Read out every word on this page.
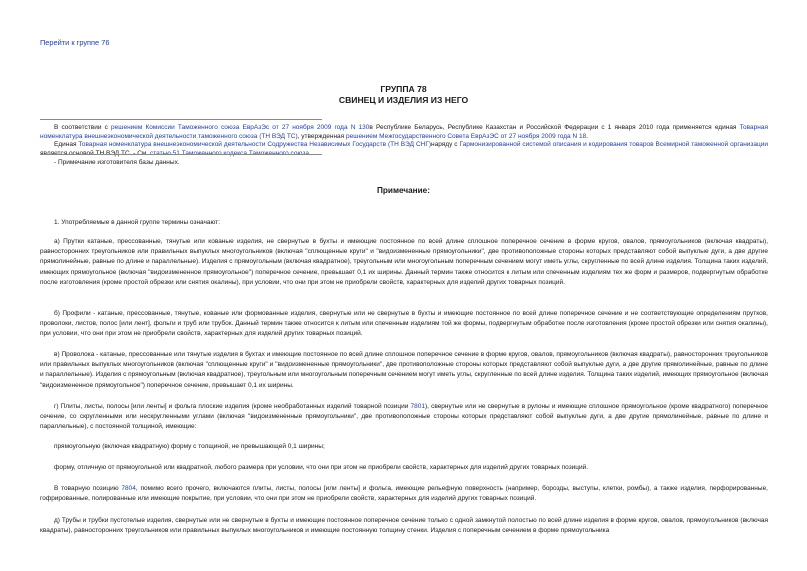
Перейти к группе 76
ГРУППА 78
СВИНЕЦ И ИЗДЕЛИЯ ИЗ НЕГО
В соответствии с решением Комиссии Таможенного союза ЕврАзЭс от 27 ноября 2009 года N 130в Республике Беларусь, Республике Казахстан и Российской Федерации с 1 января 2010 года применяется единая Товарная номенклатура внешнеэкономической деятельности таможенного союза (ТН ВЭД ТС), утвержденная решением Межгосударственного Совета ЕврАзЭС от 27 ноября 2009 года N 18.
Единая Товарная номенклатура внешнеэкономической деятельности Содружества Независимых Государств (ТН ВЭД СНГ)наряду с Гармонизированной системой описания и кодирования товаров Всемирной таможенной организации является основой ТН ВЭД ТС. - См. статью 51 Таможенного кодекса Таможенного союза.
- Примечание изготовителя базы данных.
Примечание:
1. Употребляемые в данной группе термины означают:
а) Прутки катаные, прессованные, тянутые или кованые изделия, не свернутые в бухты и имеющие постоянное по всей длине сплошное поперечное сечение в форме кругов, овалов, прямоугольников (включая квадраты), равносторонних треугольников или правильных выпуклых многоугольников (включая "сплющенные круги" и "видоизмененные прямоугольники", две противоположные стороны которых представляют собой выпуклые дуги, а две другие прямолинейные, равные по длине и параллельные). Изделия с прямоугольным (включая квадратное), треугольным или многоугольным поперечным сечением могут иметь углы, скругленные по всей длине изделия. Толщина таких изделий, имеющих прямоугольное (включая "видоизмененное прямоугольное") поперечное сечение, превышает 0,1 их ширины. Данный термин также относится к литым или спеченным изделиям тех же форм и размеров, подвергнутым обработке после изготовления (кроме простой обрезки или снятия окалины), при условии, что они при этом не приобрели свойств, характерных для изделий других товарных позиций.
б) Профили - катаные, прессованные, тянутые, кованые или формованные изделия, свернутые или не свернутые в бухты и имеющие постоянное по всей длине поперечное сечение и не соответствующие определениям прутков, проволоки, листов, полос [или лент], фольги и труб или трубок. Данный термин также относится к литым или спеченным изделиям той же формы, подвергнутым обработке после изготовления (кроме простой обрезки или снятия окалины), при условии, что они при этом не приобрели свойств, характерных для изделий других товарных позиций.
в) Проволока - катаные, прессованные или тянутые изделия в бухтах и имеющие постоянное по всей длине сплошное поперечное сечение в форме кругов, овалов, прямоугольников (включая квадраты), равносторонних треугольников или правильных выпуклых многоугольников (включая "сплющенные круги" и "видоизмененные прямоугольники", две противоположные стороны которых представляют собой выпуклые дуги, а две другие прямолинейные, равные по длине и параллельные). Изделия с прямоугольным (включая квадратное), треугольным или многоугольным поперечным сечением могут иметь углы, скругленные по всей длине изделия. Толщина таких изделий, имеющих прямоугольное (включая "видоизмененное прямоугольное") поперечное сечение, превышает 0,1 их ширины.
г) Плиты, листы, полосы [или ленты] и фольга плоские изделия (кроме необработанных изделий товарной позиции 7801), свернутые или не свернутые в рулоны и имеющие сплошное прямоугольное (кроме квадратного) поперечное сечение, со скругленными или нескругленными углами (включая "видоизмененные прямоугольники", две противоположные стороны которых представляют собой выпуклые дуги, а две другие прямолинейные, равные по длине и параллельные), с постоянной толщиной, имеющие:
прямоугольную (включая квадратную) форму с толщиной, не превышающей 0,1 ширины;
форму, отличную от прямоугольной или квадратной, любого размера при условии, что они при этом не приобрели свойств, характерных для изделий других товарных позиций.
В товарную позицию 7804, помимо всего прочего, включаются плиты, листы, полосы [или ленты] и фольга, имеющие рельефную поверхность (например, борозды, выступы, клетки, ромбы), а также изделия, перфорированные, гофрированные, полированные или имеющие покрытие, при условии, что они при этом не приобрели свойств, характерных для изделий других товарных позиций.
д) Трубы и трубки пустотелые изделия, свернутые или не свернутые в бухты и имеющие постоянное поперечное сечение только с одной замкнутой полостью по всей длине изделия в форме кругов, овалов, прямоугольников (включая квадраты), равносторонних треугольников или правильных выпуклых многоугольников и имеющие постоянную толщину стенки. Изделия с поперечным сечением в форме прямоугольника
